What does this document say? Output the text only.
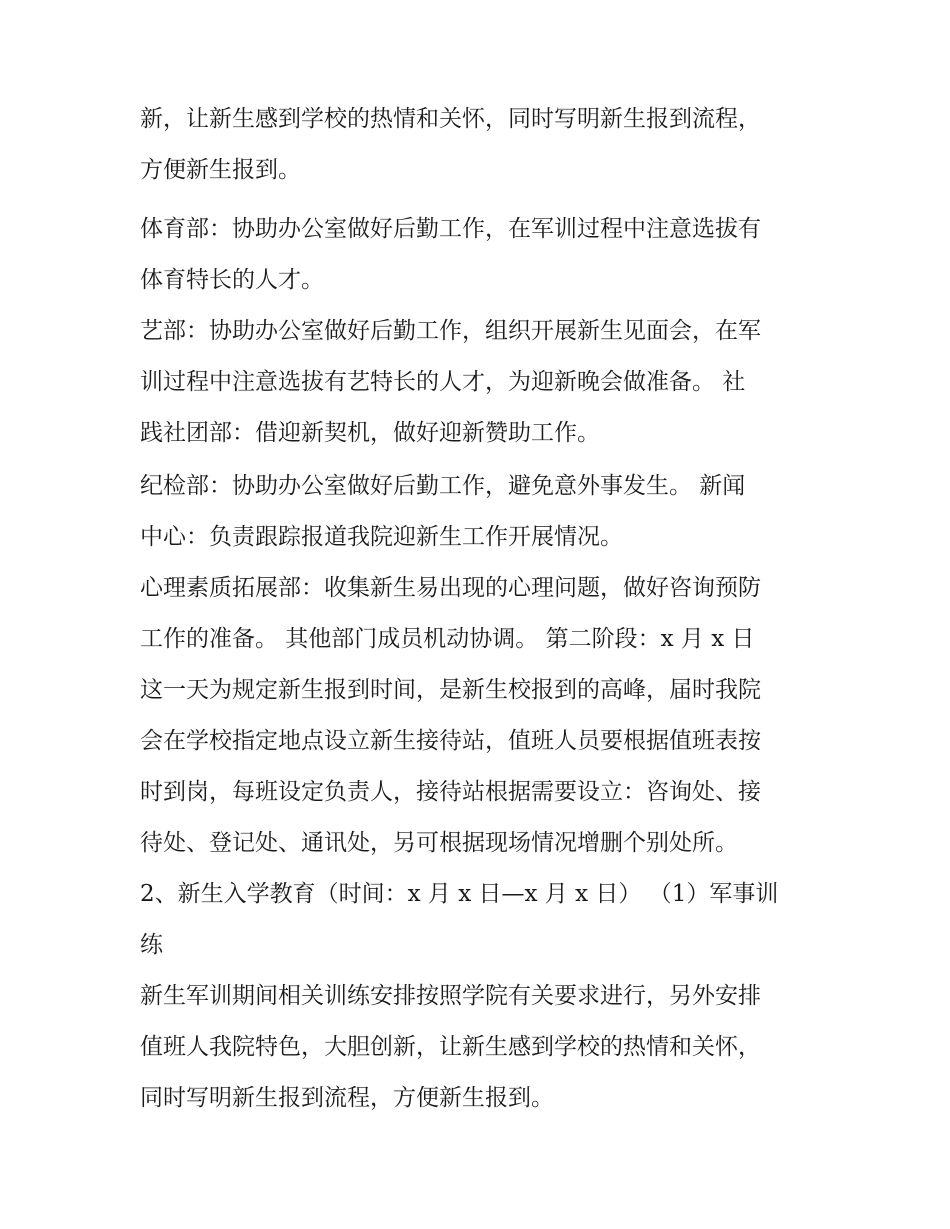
新，让新生感到学校的热情和关怀，同时写明新生报到流程，
方便新生报到。
体育部：协助办公室做好后勤工作，在军训过程中注意选拔有
体育特长的人才。
艺部：协助办公室做好后勤工作，组织开展新生见面会，在军
训过程中注意选拔有艺特长的人才，为迎新晚会做准备。 社
践社团部：借迎新契机，做好迎新赞助工作。
纪检部：协助办公室做好后勤工作，避免意外事发生。 新闻
中心：负责跟踪报道我院迎新生工作开展情况。
心理素质拓展部：收集新生易出现的心理问题，做好咨询预防
工作的准备。 其他部门成员机动协调。 第二阶段：x 月 x 日
这一天为规定新生报到时间，是新生校报到的高峰，届时我院
会在学校指定地点设立新生接待站，值班人员要根据值班表按
时到岗，每班设定负责人，接待站根据需要设立：咨询处、接
待处、登记处、通讯处，另可根据现场情况增删个别处所。
2、新生入学教育（时间：x 月 x 日—x 月 x 日） （1）军事训
练
新生军训期间相关训练安排按照学院有关要求进行，另外安排
值班人我院特色，大胆创新，让新生感到学校的热情和关怀，
同时写明新生报到流程，方便新生报到。
